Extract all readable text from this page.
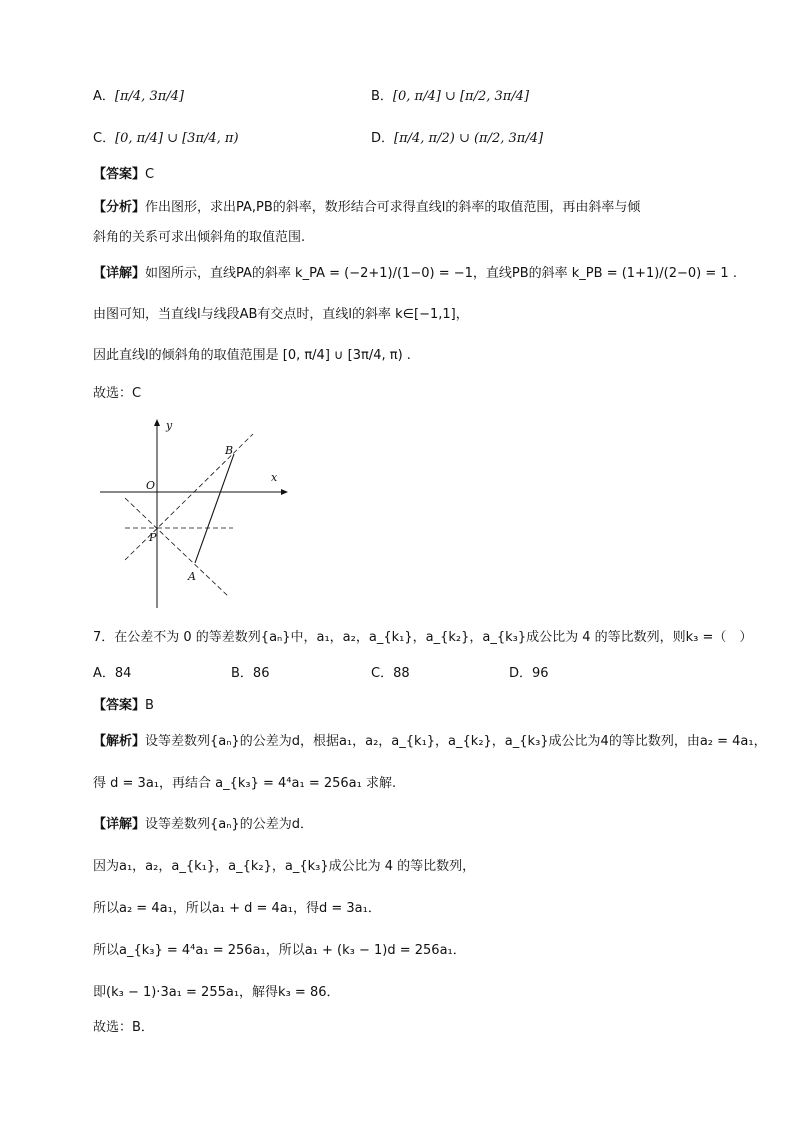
A．[π/4, 3π/4]	B．[0, π/4] ∪ [π/2, 3π/4]
C．[0, π/4] ∪ [3π/4, π)	D．[π/4, π/2) ∪ (π/2, 3π/4]
【答案】C
【分析】作出图形，求出PA,PB的斜率，数形结合可求得直线l的斜率的取值范围，再由斜率与倾
斜角的关系可求出倾斜角的取值范围.
【详解】如图所示，直线PA的斜率 k_PA = (−2+1)/(1−0) = −1，直线PB的斜率 k_PB = (1+1)/(2−0) = 1 .
由图可知，当直线l与线段AB有交点时，直线l的斜率 k∈[−1,1]，
因此直线l的倾斜角的取值范围是 [0, π/4] ∪ [3π/4, π) .
故选：C
y
x
O
B
P
A
7．在公差不为 0 的等差数列{aₙ}中，a₁，a₂，a_{k₁}，a_{k₂}，a_{k₃}成公比为 4 的等比数列，则k₃ =（　）
A．84	B．86	C．88	D．96
【答案】B
【解析】设等差数列{aₙ}的公差为d，根据a₁，a₂，a_{k₁}，a_{k₂}，a_{k₃}成公比为4的等比数列，由a₂ = 4a₁，
得 d = 3a₁，再结合 a_{k₃} = 4⁴a₁ = 256a₁ 求解.
【详解】设等差数列{aₙ}的公差为d．
因为a₁，a₂，a_{k₁}，a_{k₂}，a_{k₃}成公比为 4 的等比数列，
所以a₂ = 4a₁，所以a₁ + d = 4a₁，得d = 3a₁．
所以a_{k₃} = 4⁴a₁ = 256a₁，所以a₁ + (k₃ − 1)d = 256a₁．
即(k₃ − 1)·3a₁ = 255a₁，解得k₃ = 86．
故选：B．
